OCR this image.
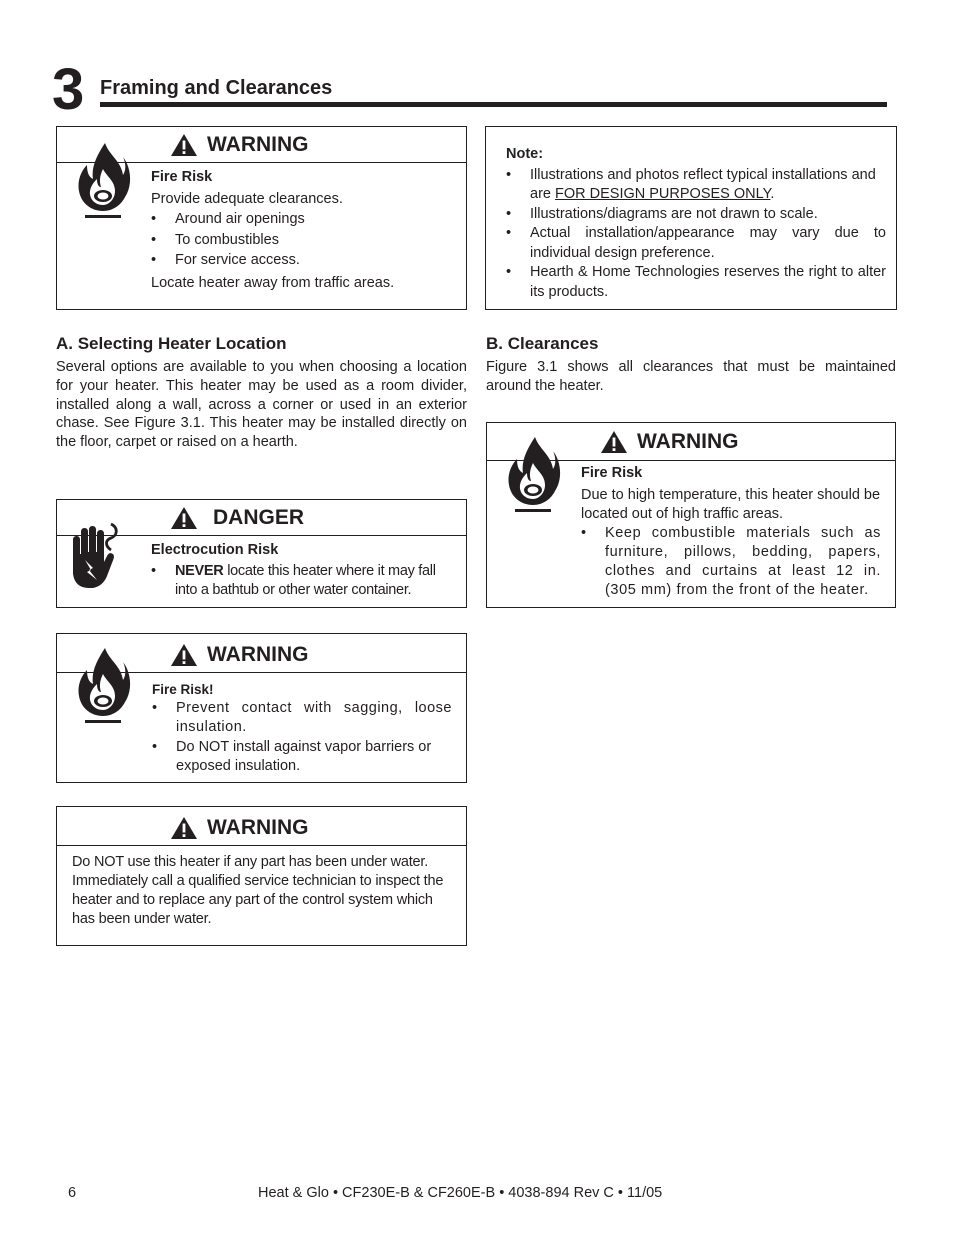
3 Framing and Clearances
WARNING
Fire Risk
Provide adequate clearances.
• Around air openings
• To combustibles
• For service access.
Locate heater away from traffic areas.
Note:
• Illustrations and photos reflect typical installations and are FOR DESIGN PURPOSES ONLY.
• Illustrations/diagrams are not drawn to scale.
• Actual installation/appearance may vary due to individual design preference.
• Hearth & Home Technologies reserves the right to alter its products.
A. Selecting Heater Location
Several options are available to you when choosing a location for your heater. This heater may be used as a room divider, installed along a wall, across a corner or used in an exterior chase. See Figure 3.1. This heater may be installed directly on the floor, carpet or raised on a hearth.
B. Clearances
Figure 3.1 shows all clearances that must be maintained around the heater.
WARNING
Fire Risk
Due to high temperature, this heater should be located out of high traffic areas.
• Keep combustible materials such as furniture, pillows, bedding, papers, clothes and curtains at least 12 in. (305 mm) from the front of the heater.
DANGER
Electrocution Risk
• NEVER locate this heater where it may fall into a bathtub or other water container.
WARNING
Fire Risk!
• Prevent contact with sagging, loose insulation.
• Do NOT install against vapor barriers or exposed insulation.
WARNING
Do NOT use this heater if any part has been under water. Immediately call a qualified service technician to inspect the heater and to replace any part of the control system which has been under water.
6	Heat & Glo • CF230E-B & CF260E-B • 4038-894 Rev C • 11/05
